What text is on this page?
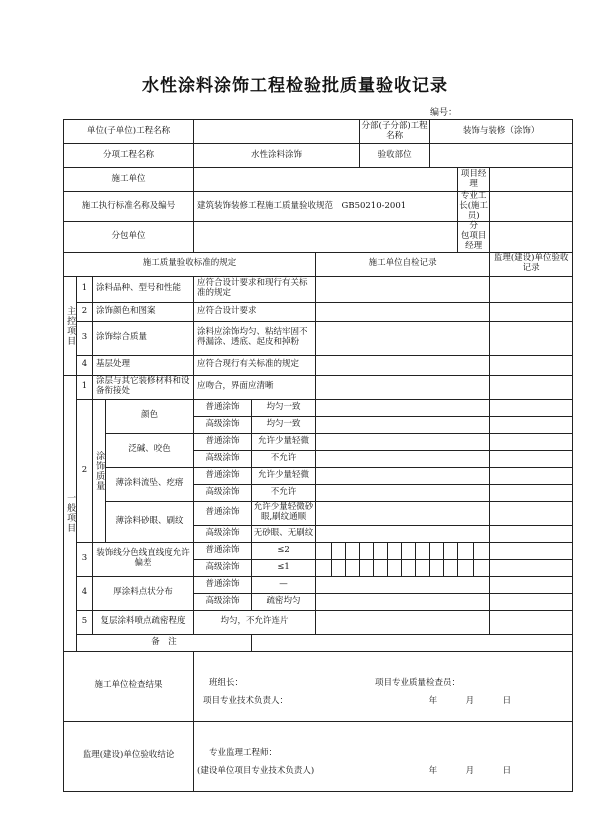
水性涂料涂饰工程检验批质量验收记录
编号：
单位(子单位)工程名称									分部(子分部)工程名称					装饰与装修（涂饰）				
分项工程名称				水性涂料涂饰					验收部位									
施工单位																项目经理		
施工执行标准名称及编号				建筑装饰装修工程施工质量验收规范　GB50210-2001												专业工长(施工员)		
分包单位																分　　包项目经理		
施工质量验收标准的规定						施工单位自检记录												监理(建设)单位验收记录
主控项目	1	涂料品种、型号和性能		应符合设计要求和现行有关标准的规定														
	2	涂饰颜色和图案		应符合设计要求														
	3	涂饰综合质量		涂料应涂饰均匀、粘结牢固不得漏涂、透底、起皮和掉粉														
	4	基层处理		应符合现行有关标准的规定														
一般项目	1	涂层与其它装修材料和设备衔接处		应吻合，界面应清晰														
	2	涂饰质量	颜色	普通涂饰	均匀一致													
				高级涂饰	均匀一致													
			泛碱、咬色	普通涂饰	允许少量轻微													
				高级涂饰	不允许													
			薄涂料流坠、疙瘩	普通涂饰	允许少量轻微													
				高级涂饰	不允许													
			薄涂料砂眼、刷纹	普通涂饰	允许少量轻微砂眼,刷纹通顺													
				高级涂饰	无砂眼、无刷纹													
	3	装饰线分色线直线度允许偏差		普通涂饰	≤2													
				高级涂饰	≤1													
	4	厚涂料点状分布		普通涂饰	—													
				高级涂饰	疏密均匀													
	5	复层涂料喷点疏密程度		均匀，不允许连片														
	备　注																	
施工单位检查结果				班组长： 项目专业质量检查员：
项目专业技术负责人： 年　月　日														

监理(建设)单位验收结论				专业监理工程师：
(建设单位项目专业技术负责人) 年　月　日														
